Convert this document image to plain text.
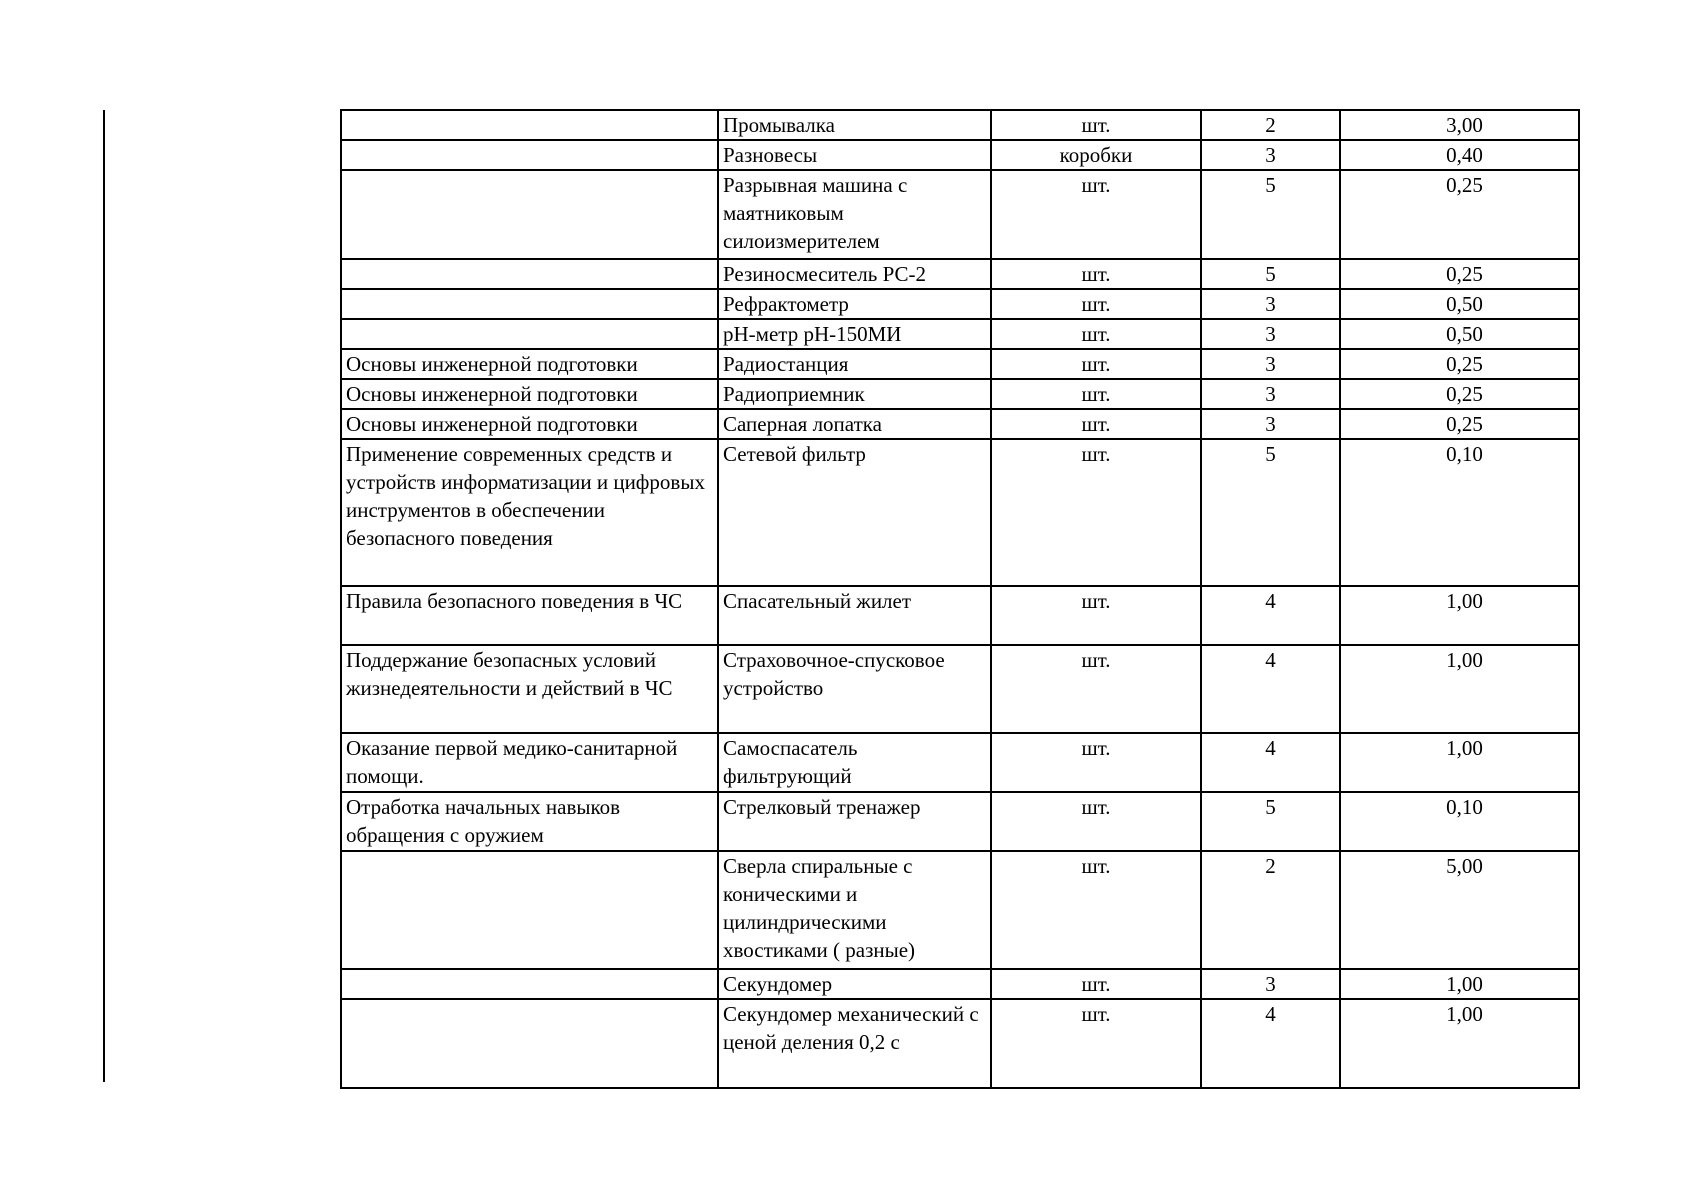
	Промывалка	шт.	2	3,00
	Разновесы	коробки	3	0,40
	Разрывная машина с маятниковым силоизмерителем	шт.	5	0,25
	Резиносмеситель РС-2	шт.	5	0,25
	Рефрактометр	шт.	3	0,50
	pH-метр pH-150МИ	шт.	3	0,50
Основы инженерной подготовки	Радиостанция	шт.	3	0,25
Основы инженерной подготовки	Радиоприемник	шт.	3	0,25
Основы инженерной подготовки	Саперная лопатка	шт.	3	0,25
Применение современных средств и устройств информатизации и цифровых инструментов в обеспечении безопасного поведения	Сетевой фильтр	шт.	5	0,10
Правила безопасного поведения в ЧС	Спасательный жилет	шт.	4	1,00
Поддержание безопасных условий жизнедеятельности и действий в ЧС	Страховочное-спусковое устройство	шт.	4	1,00
Оказание первой медико-санитарной помощи.	Самоспасатель фильтрующий	шт.	4	1,00
Отработка начальных навыков обращения с оружием	Стрелковый тренажер	шт.	5	0,10
	Сверла спиральные с коническими и цилиндрическими хвостиками ( разные)	шт.	2	5,00
	Секундомер	шт.	3	1,00
	Секундомер механический с ценой деления 0,2 с	шт.	4	1,00
